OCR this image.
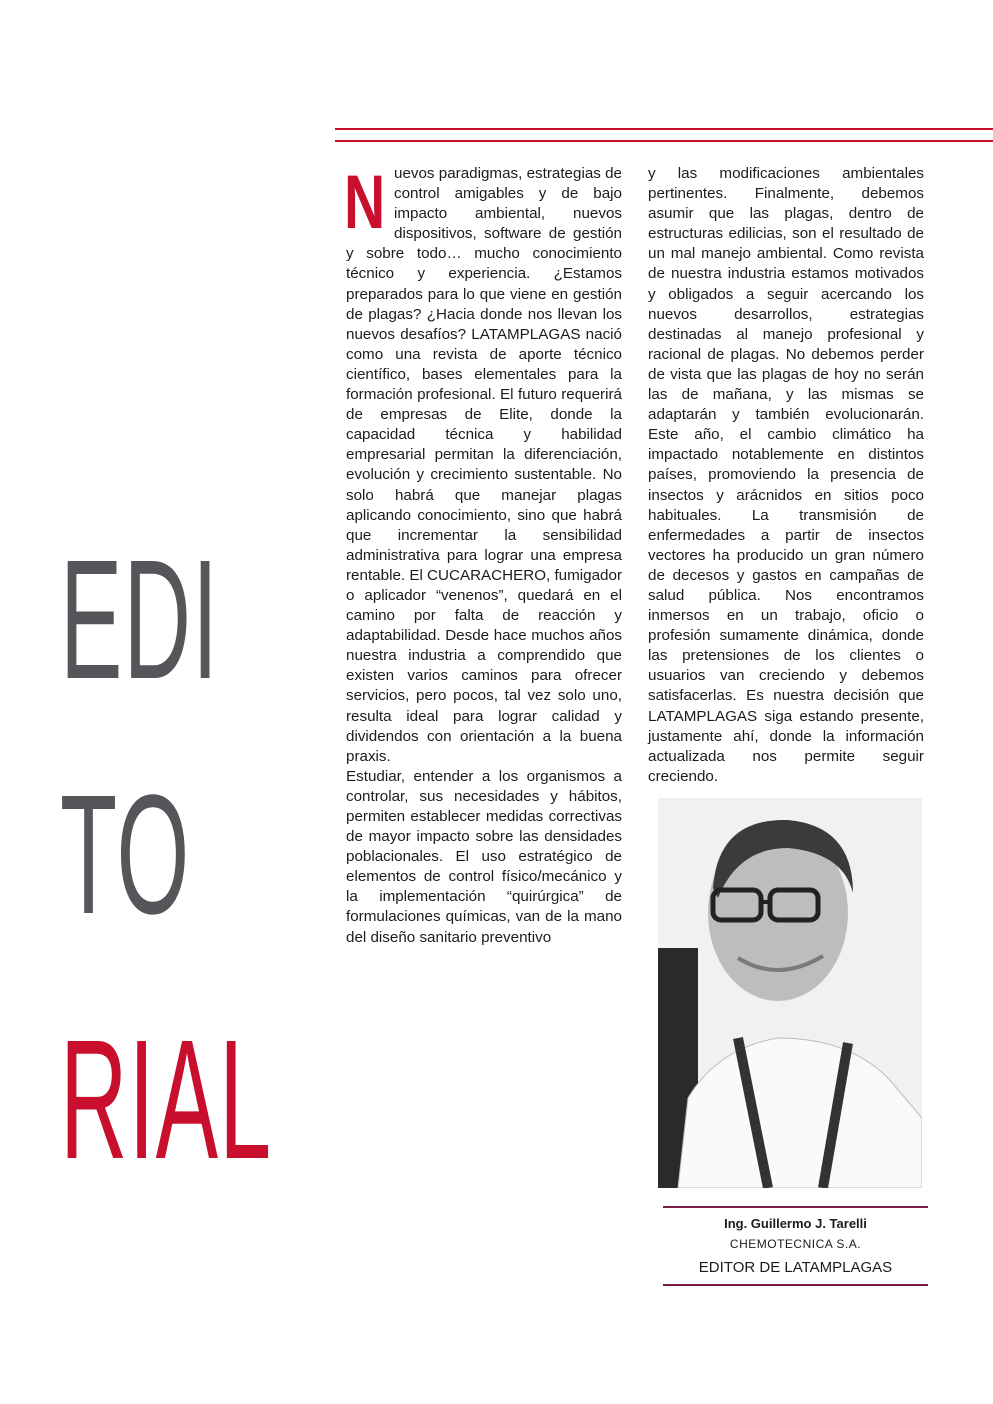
EDI
TO
RIAL
N uevos paradigmas, estrategias de control amigables y de bajo impacto ambiental, nuevos dispositivos, software de gestión y sobre todo… mucho conocimiento técnico y experiencia. ¿Estamos preparados para lo que viene en gestión de plagas? ¿Hacia donde nos llevan los nuevos desafíos? LATAMPLAGAS nació como una revista de aporte técnico científico, bases elementales para la formación profesional. El futuro requerirá de empresas de Elite, donde la capacidad técnica y habilidad empresarial permitan la diferenciación, evolución y crecimiento sustentable. No solo habrá que manejar plagas aplicando conocimiento, sino que habrá que incrementar la sensibilidad administrativa para lograr una empresa rentable. El CUCARACHERO, fumigador o aplicador “venenos”, quedará en el camino por falta de reacción y adaptabilidad. Desde hace muchos años nuestra industria a comprendido que existen varios caminos para ofrecer servicios, pero pocos, tal vez solo uno, resulta ideal para lograr calidad y dividendos con orientación a la buena praxis.

Estudiar, entender a los organismos a controlar, sus necesidades y hábitos, permiten establecer medidas correctivas de mayor impacto sobre las densidades poblacionales. El uso estratégico de elementos de control físico/mecánico y la implementación “quirúrgica” de formulaciones químicas, van de la mano del diseño sanitario preventivo

y las modificaciones ambientales pertinentes. Finalmente, debemos asumir que las plagas, dentro de estructuras edilicias, son el resultado de un mal manejo ambiental. Como revista de nuestra industria estamos motivados y obligados a seguir acercando los nuevos desarrollos, estrategias destinadas al manejo profesional y racional de plagas. No debemos perder de vista que las plagas de hoy no serán las de mañana, y las mismas se adaptarán y también evolucionarán. Este año, el cambio climático ha impactado notablemente en distintos países, promoviendo la presencia de insectos y arácnidos en sitios poco habituales. La transmisión de enfermedades a partir de insectos vectores ha producido un gran número de decesos y gastos en campañas de salud pública. Nos encontramos inmersos en un trabajo, oficio o profesión sumamente dinámica, donde las pretensiones de los clientes o usuarios van creciendo y debemos satisfacerlas. Es nuestra decisión que LATAMPLAGAS siga estando presente, justamente ahí, donde la información actualizada nos permite seguir creciendo.

Ing. Guillermo J. Tarelli
CHEMOTECNICA S.A.
EDITOR DE LATAMPLAGAS
